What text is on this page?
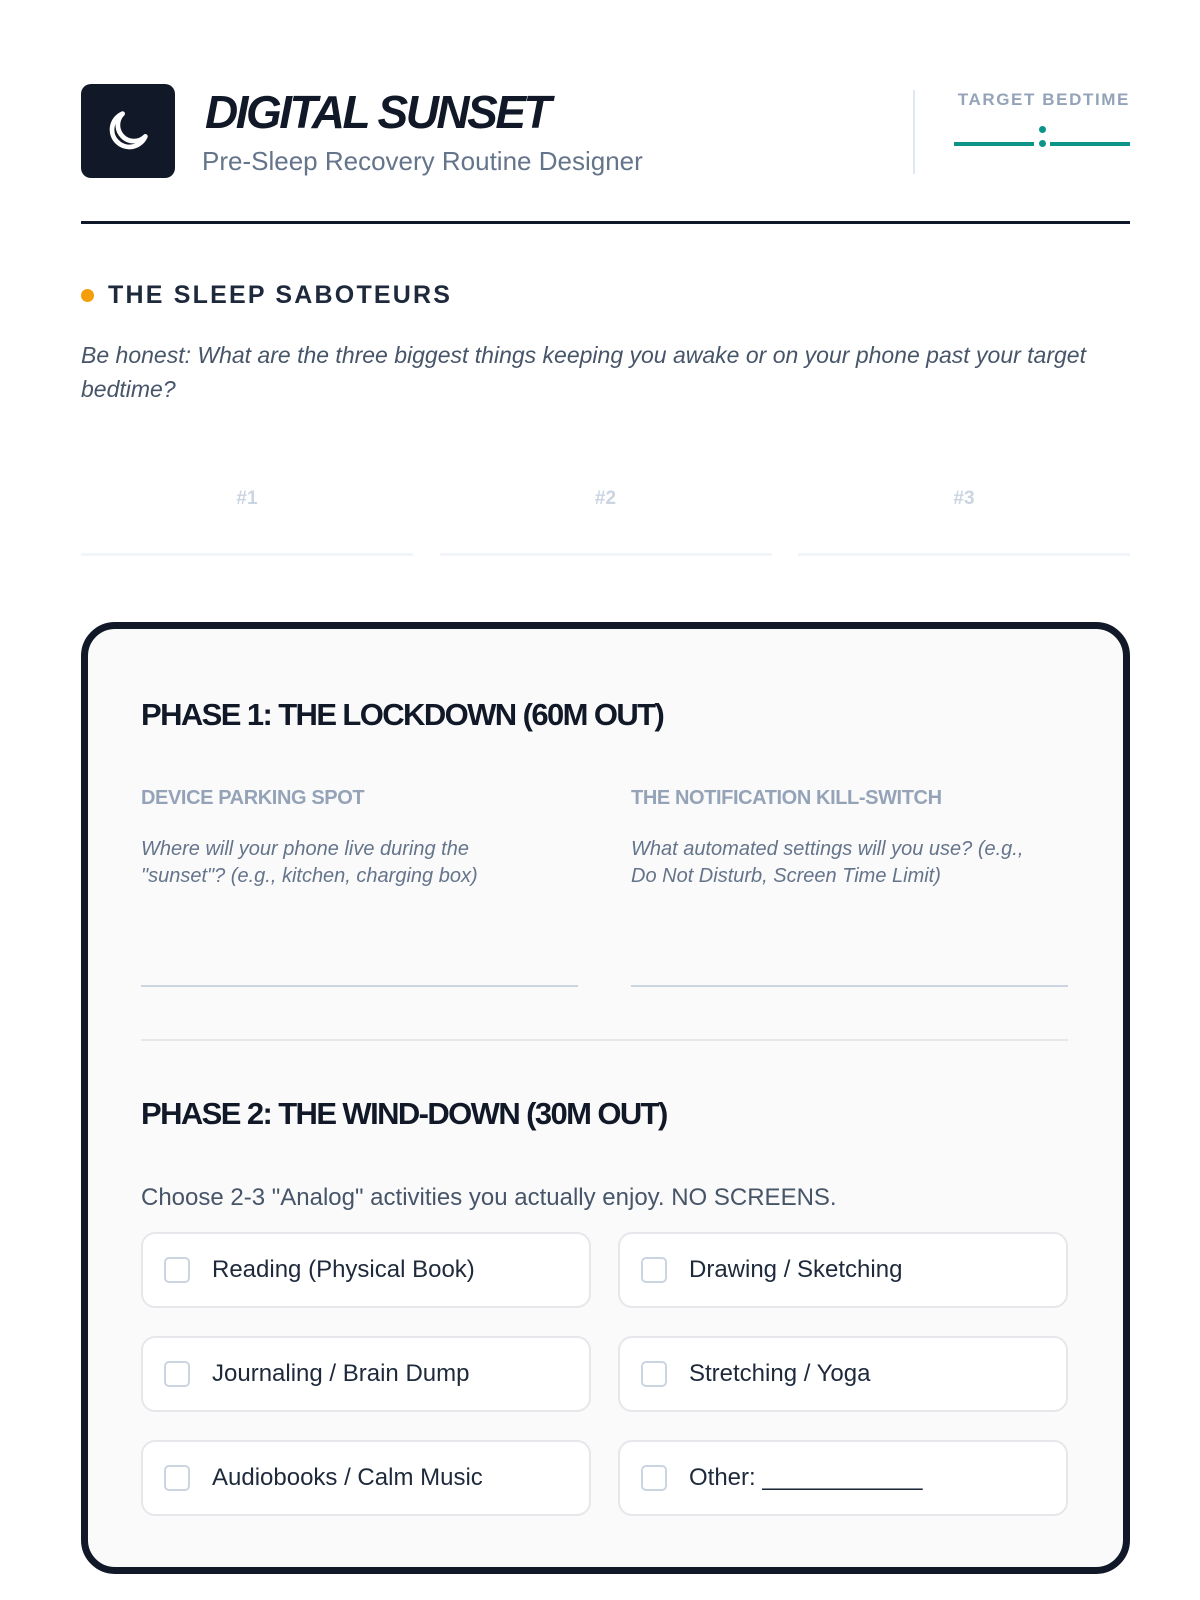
DIGITAL SUNSET
Pre-Sleep Recovery Routine Designer
TARGET BEDTIME
THE SLEEP SABOTEURS
Be honest: What are the three biggest things keeping you awake or on your phone past your target bedtime?
#1	#2	#3
PHASE 1: THE LOCKDOWN (60M OUT)
DEVICE PARKING SPOT
Where will your phone live during the "sunset"? (e.g., kitchen, charging box)
THE NOTIFICATION KILL-SWITCH
What automated settings will you use? (e.g., Do Not Disturb, Screen Time Limit)
PHASE 2: THE WIND-DOWN (30M OUT)
Choose 2-3 "Analog" activities you actually enjoy. NO SCREENS.
Reading (Physical Book)	Drawing / Sketching
Journaling / Brain Dump	Stretching / Yoga
Audiobooks / Calm Music	Other: ____________
